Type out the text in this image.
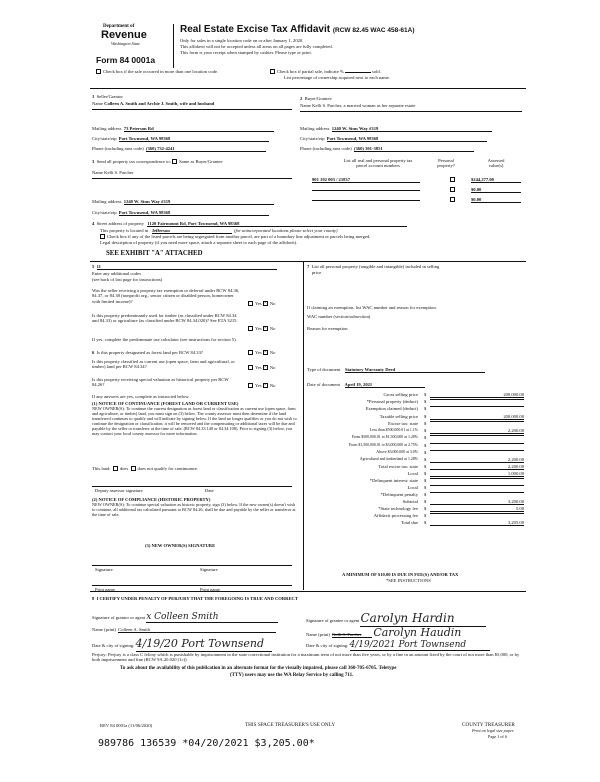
Department of
Revenue
Washington State
Form 84 0001a
Real Estate Excise Tax Affidavit (RCW 82.45 WAC 458-61A)
Only for sales in a single location code on or after January 1, 2020.
This affidavit will not be accepted unless all areas on all pages are fully completed.
This form is your receipt when stamped by cashier. Please type or print.
Check box if the sale occurred in more than one location code.	Check box if partial sale, indicate %	sold.
List percentage of ownership acquired next to each name.
1 Seller/Grantor
Name Colleen A. Smith and Archie J. Smith, wife and husband
2 Buyer/Grantee
Name Kelli S. Parcher, a married woman as her separate estate
Mailing address 73 Peterson Rd
City/state/zip Port Townsend, WA 98368
Phone (including area code) (360) 732-4241
Mailing address 1240 W. Sims Way #319
City/state/zip Port Townsend, WA 98368
Phone (including area code) (360) 301-3851
3 Send all property tax correspondence to: Same as Buyer/Grantee
Name Kelli S. Parcher
Mailing address 1240 W. Sims Way #319
City/state/zip Port Townsend, WA 98368
List all real and personal property tax
parcel account numbers
Personal
property?
Assessed
value(s)
901 192 003 / 21837	$244,277.00
$0.00
$0.00
4 Street address of property 1120 Fairmount Rd, Port Townsend, WA 98368
This property is located in Jefferson	(for unincorporated locations please select your county)
Check box if any of the listed parcels are being segregated from another parcel, are part of a boundary line adjustment or parcels being merged.
Legal description of property (if you need more space, attach a separate sheet to each page of the affidavit).
SEE EXHIBIT "A" ATTACHED
5 11
Enter any additional codes
(see back of last page for instructions)
Was the seller receiving a property tax exemption or deferral under RCW 84.36, 84.37, or 84.38 (nonprofit org., senior citizen or disabled person, homeowner with limited income)?	Yes × No
Is this property predominantly used for timber (as classified under RCW 84.34 and 84.33) or agriculture (as classified under RCW 84.34.020)? See ETA 3215.
Yes × No
If yes, complete the predominate use calculator (see instructions for section 5).
6 Is this property designated as forest land per RCW 84.33?	Yes × No
Is this property classified as current use (open space, farm and agricultural, or timber) land per RCW 84.34?	Yes × No
Is this property receiving special valuation as historical property per RCW 84.26?	Yes × No
If any answers are yes, complete as instructed below.
(1) NOTICE OF CONTINUANCE (FOREST LAND OR CURRENT USE)
NEW OWNER(S): To continue the current designation as forest land or classification as current use (open space, farm and agriculture, or timber) land, you must sign on (3) below. The county assessor must then determine if the land transferred continues to qualify and will indicate by signing below. If the land no longer qualifies or you do not wish to continue the designation or classification, it will be removed and the compensating or additional taxes will be due and payable by the seller or transferor at the time of sale. (RCW 84.33.140 or 84.34.108). Prior to signing (3) below, you may contact your local county assessor for more information.
This land: does does not qualify for continuance.
Deputy assessor signature	Date
(2) NOTICE OF COMPLIANCE (HISTORIC PROPERTY)
NEW OWNER(S): To continue special valuation as historic property, sign (3) below. If the new owner(s) doesn't wish to continue, all additional tax calculated pursuant to RCW 84.26, shall be due and payable by the seller or transferor at the time of sale.
(3) NEW OWNER(S) SIGNATURE
Signature	Signature
Print name	Print name
7 List all personal property (tangible and intangible) included in selling
price.
If claiming an exemption, list WAC number and reason for exemption.
WAC number (section/subsection)
Reason for exemption
Type of document Statutory Warranty Deed
Date of document April 19, 2021
Gross selling price $	200,000.00
*Personal property (deduct) $
Exemption claimed (deduct) $
Taxable selling price $	200,000.00
Excise tax: state $
Less than $500,000.01 at 1.1% $	2,200.00
From $500,000.01 to $1,500,000 at 1.28% $
From $1,500,000.01 to $3,000,000 at 2.75% $
Above $3,000,000 at 3.0% $
Agricultural and timberland at 1.28% $	2,200.00
Total excise tax: state $	2,200.00
Local $	1,000.00
*Delinquent interest: state $
Local $
*Delinquent penalty $
Subtotal $	3,200.00
*State technology fee $	5.00
Affidavit processing fee $
Total due $	3,205.00
A MINIMUM OF $10.00 IS DUE IN FEE(S) AND/OR TAX
*SEE INSTRUCTIONS
8 I CERTIFY UNDER PENALTY OF PERJURY THAT THE FOREGOING IS TRUE AND CORRECT
Signature of grantor or agent x Colleen Smith
Name (print) Colleen A. Smith
Date & city of signing: 4/19/20 Port Townsend
Signature of grantee or agent Carolyn Hardin
Name (print) Kelli S. Parcher Carolyn Haudin
Date & city of signing: 4/19/2021 Port Townsend
Perjury: Perjury is a class C felony which is punishable by imprisonment in the state correctional institution for a maximum term of not more than five years, or by a fine in an amount fixed by the court of not more than $5,000, or by both imprisonment and fine (RCW 9A.20.020 (1c)).
To ask about the availability of this publication in an alternate format for the visually impaired, please call 360-705-6705. Teletype
(TTY) users may use the WA Relay Service by calling 711.
REV 84 0001a (11/06/2020)	THIS SPACE TREASURER'S USE ONLY	COUNTY TREASURER
Print on legal size paper.
Page 1 of 6
989786 136539 *04/20/2021 $3,205.00*
